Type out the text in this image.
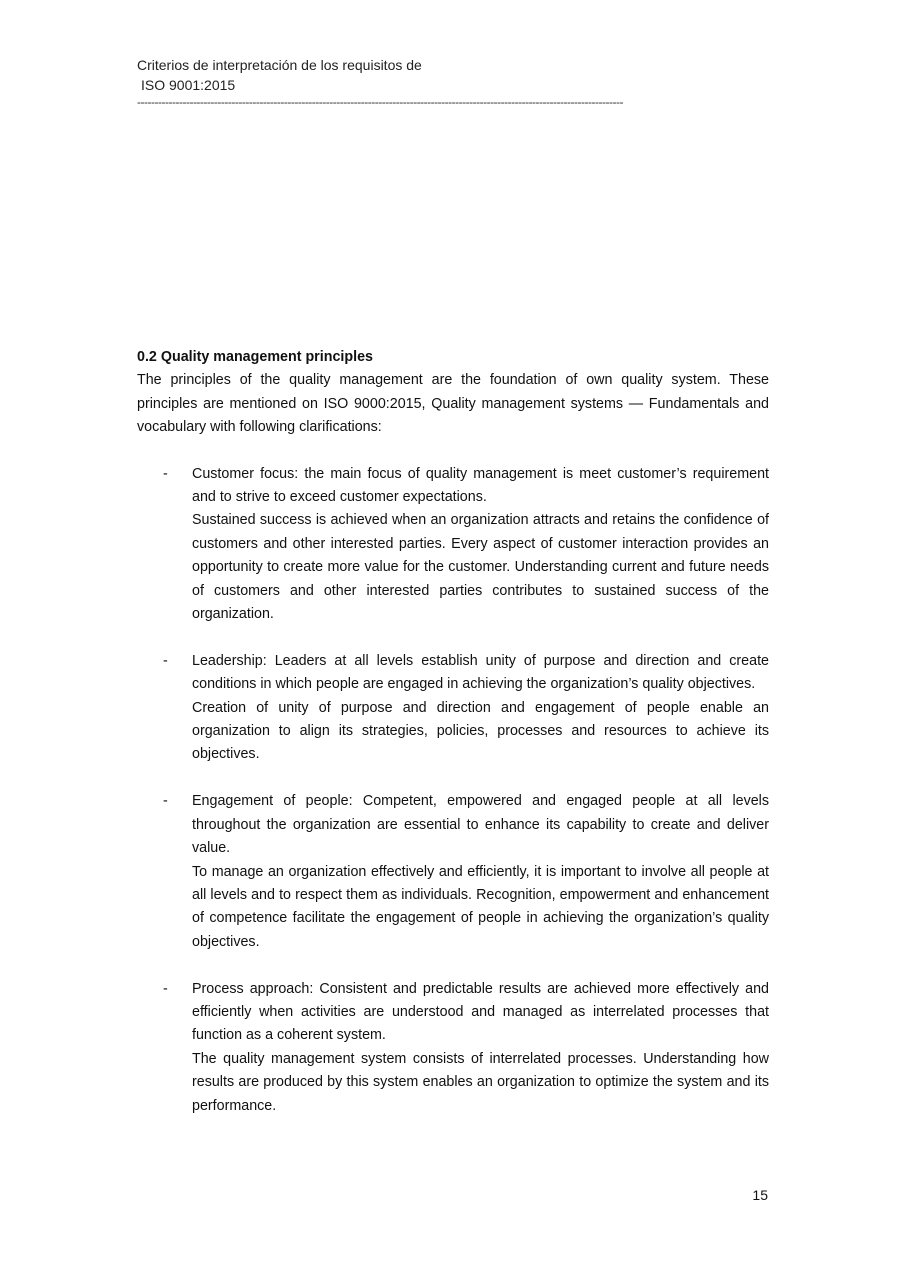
Criterios de interpretación de los requisitos de
ISO 9001:2015
-------------------------------------------------------------------------------------------------------------------------------------------

0.2 Quality management principles

The principles of the quality management are the foundation of own quality system. These principles are mentioned on ISO 9000:2015, Quality management systems — Fundamentals and vocabulary with following clarifications:

- Customer focus: the main focus of quality management is meet customer’s requirement and to strive to exceed customer expectations.

Sustained success is achieved when an organization attracts and retains the confidence of customers and other interested parties. Every aspect of customer interaction provides an opportunity to create more value for the customer. Understanding current and future needs of customers and other interested parties contributes to sustained success of the organization.

- Leadership: Leaders at all levels establish unity of purpose and direction and create conditions in which people are engaged in achieving the organization’s quality objectives.

Creation of unity of purpose and direction and engagement of people enable an organization to align its strategies, policies, processes and resources to achieve its objectives.

- Engagement of people: Competent, empowered and engaged people at all levels throughout the organization are essential to enhance its capability to create and deliver value.

To manage an organization effectively and efficiently, it is important to involve all people at all levels and to respect them as individuals. Recognition, empowerment and enhancement of competence facilitate the engagement of people in achieving the organization’s quality objectives.

- Process approach: Consistent and predictable results are achieved more effectively and efficiently when activities are understood and managed as interrelated processes that function as a coherent system.

The quality management system consists of interrelated processes. Understanding how results are produced by this system enables an organization to optimize the system and its performance.

15
